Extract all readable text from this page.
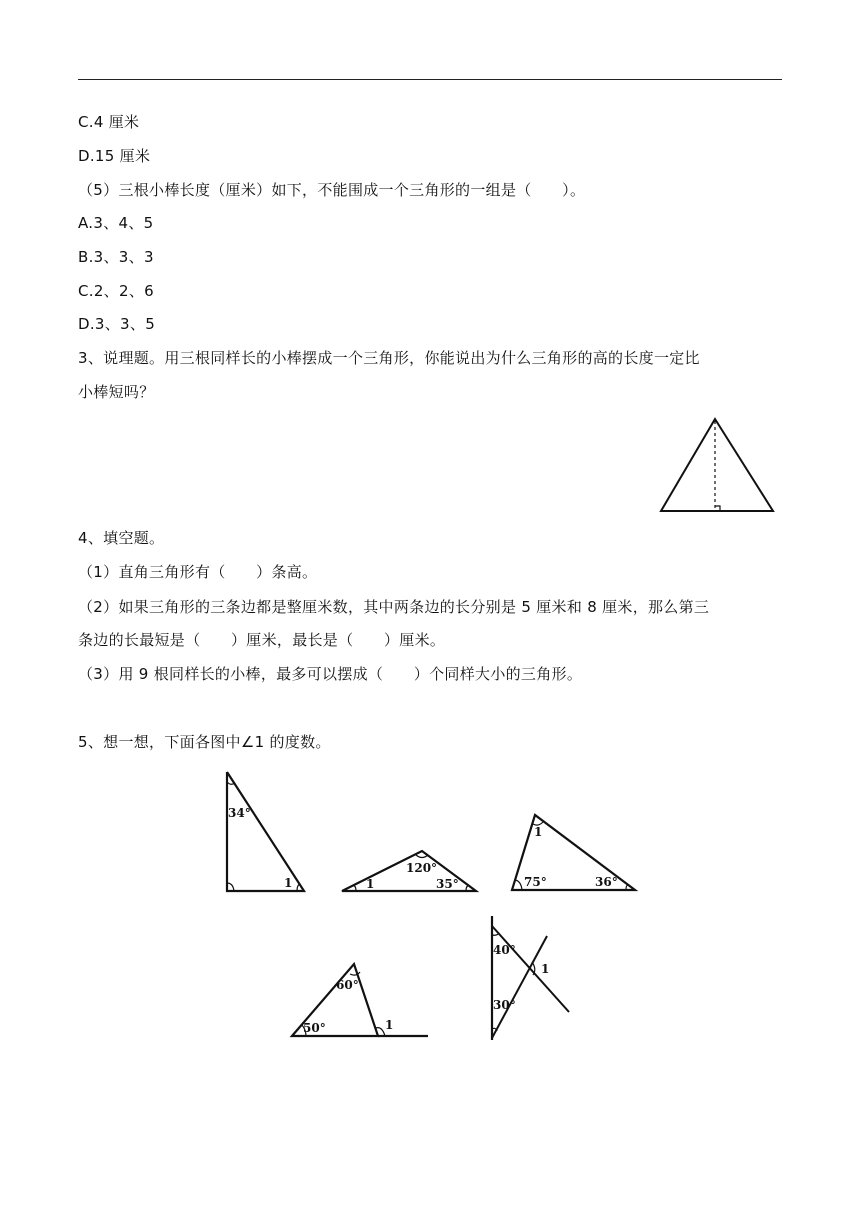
C.4 厘米
D.15 厘米
（5）三根小棒长度（厘米）如下，不能围成一个三角形的一组是（　　）。
A.3、4、5
B.3、3、3
C.2、2、6
D.3、3、5
3、说理题。用三根同样长的小棒摆成一个三角形，你能说出为什么三角形的高的长度一定比
小棒短吗？
4、填空题。
（1）直角三角形有（　　）条高。
（2）如果三角形的三条边都是整厘米数，其中两条边的长分别是 5 厘米和 8 厘米，那么第三
条边的长最短是（　　）厘米，最长是（　　）厘米。
（3）用 9 根同样长的小棒，最多可以摆成（　　）个同样大小的三角形。
5、想一想，下面各图中∠1 的度数。
34°
1
120°
1	35°
1
75°	36°
60°
50°	1
40°
30°
1
